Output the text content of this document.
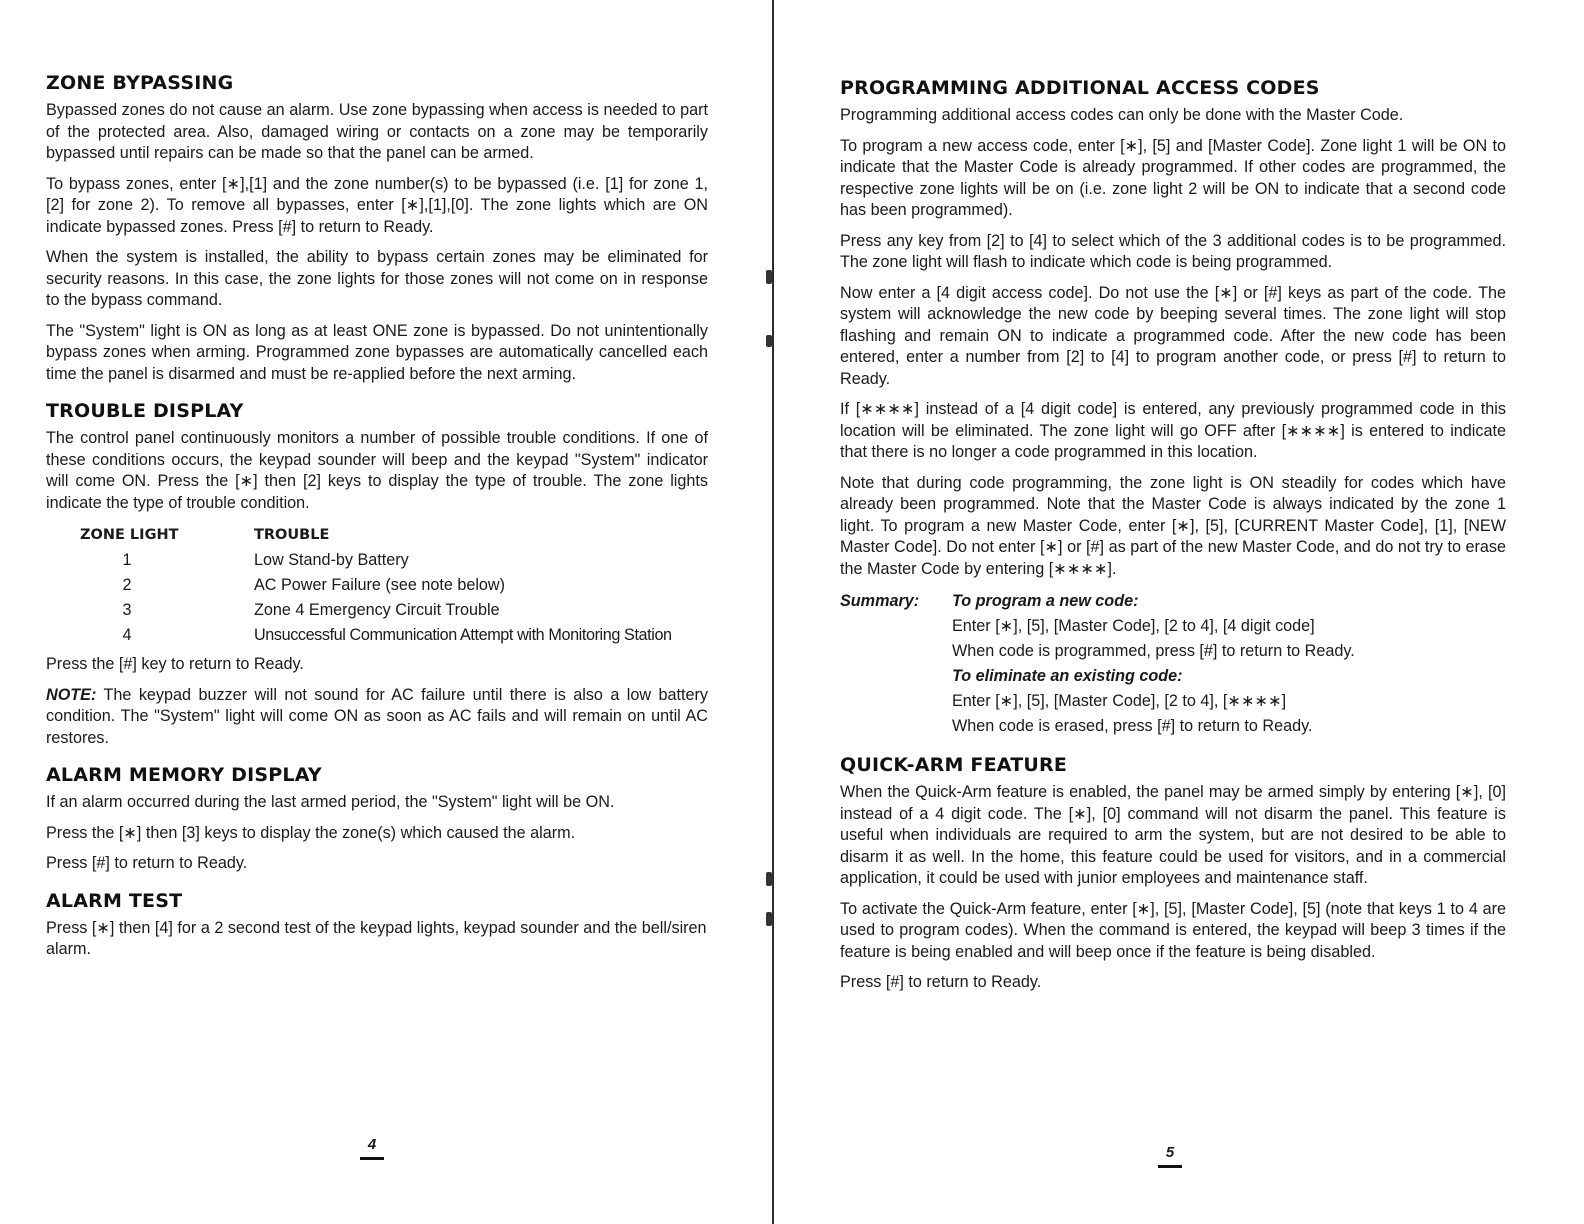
ZONE BYPASSING

Bypassed zones do not cause an alarm. Use zone bypassing when access is needed to part of the protected area. Also, damaged wiring or contacts on a zone may be temporarily bypassed until repairs can be made so that the panel can be armed.

To bypass zones, enter [∗],[1] and the zone number(s) to be bypassed (i.e. [1] for zone 1, [2] for zone 2). To remove all bypasses, enter [∗],[1],[0]. The zone lights which are ON indicate bypassed zones. Press [#] to return to Ready.

When the system is installed, the ability to bypass certain zones may be eliminated for security reasons. In this case, the zone lights for those zones will not come on in response to the bypass command.

The "System" light is ON as long as at least ONE zone is bypassed. Do not unintentionally bypass zones when arming. Programmed zone bypasses are automatically cancelled each time the panel is disarmed and must be re-applied before the next arming.

TROUBLE DISPLAY

The control panel continuously monitors a number of possible trouble conditions. If one of these conditions occurs, the keypad sounder will beep and the keypad "System" indicator will come ON. Press the [∗] then [2] keys to display the type of trouble. The zone lights indicate the type of trouble condition.

ZONE LIGHT	TROUBLE
1	Low Stand-by Battery
2	AC Power Failure (see note below)
3	Zone 4 Emergency Circuit Trouble
4	Unsuccessful Communication Attempt with Monitoring Station

Press the [#] key to return to Ready.

NOTE: The keypad buzzer will not sound for AC failure until there is also a low battery condition. The "System" light will come ON as soon as AC fails and will remain on until AC restores.

ALARM MEMORY DISPLAY

If an alarm occurred during the last armed period, the "System" light will be ON.

Press the [∗] then [3] keys to display the zone(s) which caused the alarm.

Press [#] to return to Ready.

ALARM TEST

Press [∗] then [4] for a 2 second test of the keypad lights, keypad sounder and the bell/siren alarm.

4
PROGRAMMING ADDITIONAL ACCESS CODES

Programming additional access codes can only be done with the Master Code.

To program a new access code, enter [∗], [5] and [Master Code]. Zone light 1 will be ON to indicate that the Master Code is already programmed. If other codes are programmed, the respective zone lights will be on (i.e. zone light 2 will be ON to indicate that a second code has been programmed).

Press any key from [2] to [4] to select which of the 3 additional codes is to be programmed. The zone light will flash to indicate which code is being programmed.

Now enter a [4 digit access code]. Do not use the [∗] or [#] keys as part of the code. The system will acknowledge the new code by beeping several times. The zone light will stop flashing and remain ON to indicate a programmed code. After the new code has been entered, enter a number from [2] to [4] to program another code, or press [#] to return to Ready.

If [∗∗∗∗] instead of a [4 digit code] is entered, any previously programmed code in this location will be eliminated. The zone light will go OFF after [∗∗∗∗] is entered to indicate that there is no longer a code programmed in this location.

Note that during code programming, the zone light is ON steadily for codes which have already been programmed. Note that the Master Code is always indicated by the zone 1 light. To program a new Master Code, enter [∗], [5], [CURRENT Master Code], [1], [NEW Master Code]. Do not enter [∗] or [#] as part of the new Master Code, and do not try to erase the Master Code by entering [∗∗∗∗].

Summary:	To program a new code:
Enter [∗], [5], [Master Code], [2 to 4], [4 digit code]
When code is programmed, press [#] to return to Ready.
To eliminate an existing code:
Enter [∗], [5], [Master Code], [2 to 4], [∗∗∗∗]
When code is erased, press [#] to return to Ready.
QUICK-ARM FEATURE

When the Quick-Arm feature is enabled, the panel may be armed simply by entering [∗], [0] instead of a 4 digit code. The [∗], [0] command will not disarm the panel. This feature is useful when individuals are required to arm the system, but are not desired to be able to disarm it as well. In the home, this feature could be used for visitors, and in a commercial application, it could be used with junior employees and maintenance staff.

To activate the Quick-Arm feature, enter [∗], [5], [Master Code], [5] (note that keys 1 to 4 are used to program codes). When the command is entered, the keypad will beep 3 times if the feature is being enabled and will beep once if the feature is being disabled.

Press [#] to return to Ready.

5
